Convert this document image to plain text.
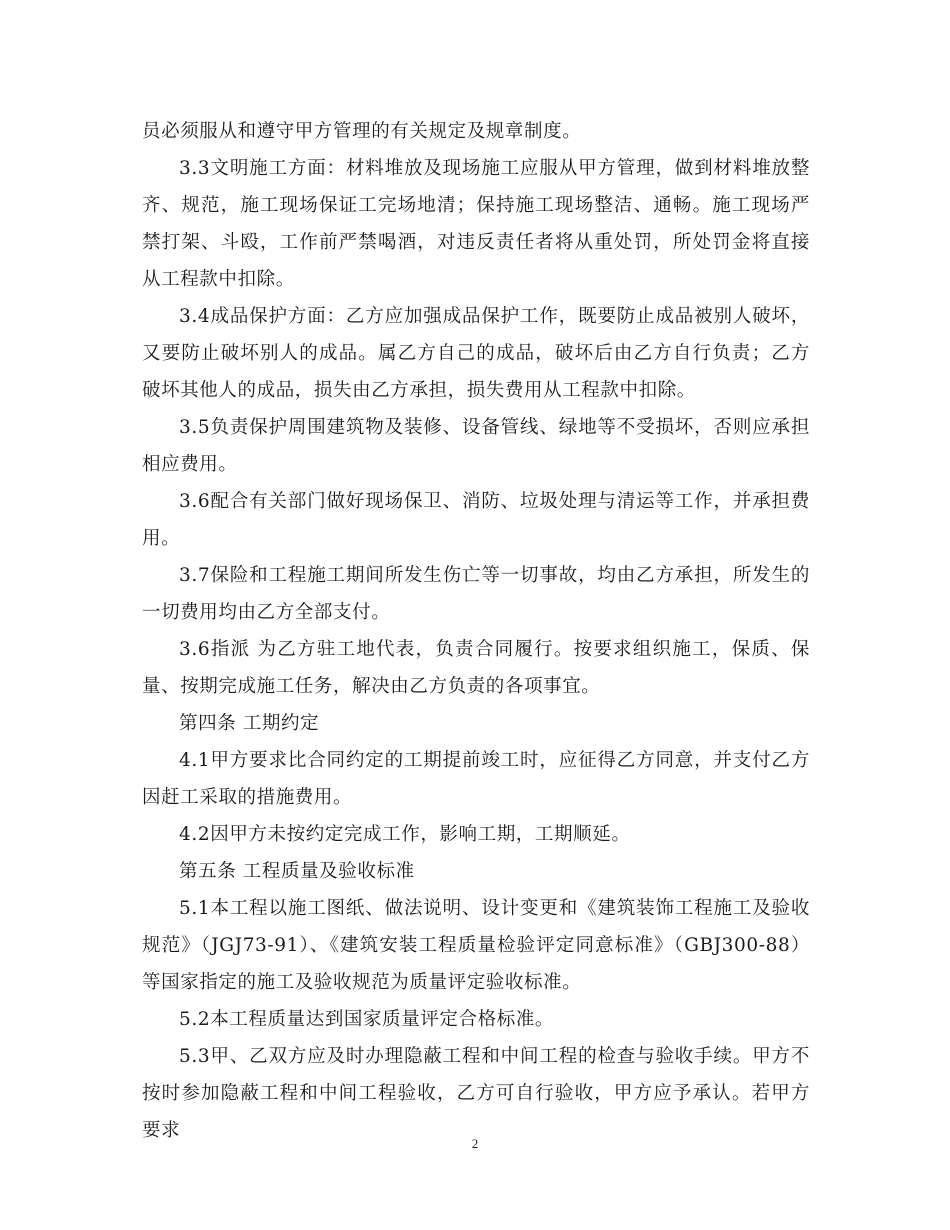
员必须服从和遵守甲方管理的有关规定及规章制度。

3.3文明施工方面：材料堆放及现场施工应服从甲方管理，做到材料堆放整齐、规范，施工现场保证工完场地清；保持施工现场整洁、通畅。施工现场严禁打架、斗殴，工作前严禁喝酒，对违反责任者将从重处罚，所处罚金将直接从工程款中扣除。

3.4成品保护方面：乙方应加强成品保护工作，既要防止成品被别人破坏，又要防止破坏别人的成品。属乙方自己的成品，破坏后由乙方自行负责；乙方破坏其他人的成品，损失由乙方承担，损失费用从工程款中扣除。

3.5负责保护周围建筑物及装修、设备管线、绿地等不受损坏，否则应承担相应费用。

3.6配合有关部门做好现场保卫、消防、垃圾处理与清运等工作，并承担费用。

3.7保险和工程施工期间所发生伤亡等一切事故，均由乙方承担，所发生的一切费用均由乙方全部支付。

3.6指派 为乙方驻工地代表，负责合同履行。按要求组织施工，保质、保量、按期完成施工任务，解决由乙方负责的各项事宜。

第四条 工期约定

4.1甲方要求比合同约定的工期提前竣工时，应征得乙方同意，并支付乙方因赶工采取的措施费用。

4.2因甲方未按约定完成工作，影响工期，工期顺延。

第五条 工程质量及验收标准

5.1本工程以施工图纸、做法说明、设计变更和《建筑装饰工程施工及验收规范》（JGJ73-91）、《建筑安装工程质量检验评定同意标准》（GBJ300-88）等国家指定的施工及验收规范为质量评定验收标准。

5.2本工程质量达到国家质量评定合格标准。

5.3甲、乙双方应及时办理隐蔽工程和中间工程的检查与验收手续。甲方不按时参加隐蔽工程和中间工程验收，乙方可自行验收，甲方应予承认。若甲方要求

2
